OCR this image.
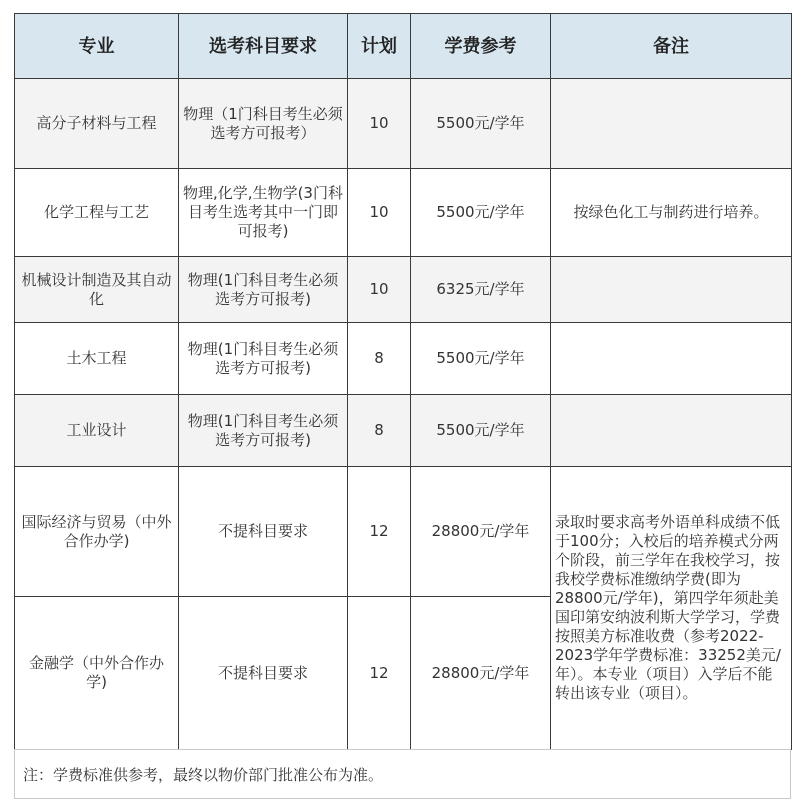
专业	选考科目要求	计划	学费参考	备注
高分子材料与工程	物理（1门科目考生必须选考方可报考）	10	5500元/学年	
化学工程与工艺	物理,化学,生物学(3门科目考生选考其中一门即可报考)	10	5500元/学年	按绿色化工与制药进行培养。
机械设计制造及其自动化	物理(1门科目考生必须选考方可报考)	10	6325元/学年	
土木工程	物理(1门科目考生必须选考方可报考)	8	5500元/学年	
工业设计	物理(1门科目考生必须选考方可报考)	8	5500元/学年	
国际经济与贸易（中外合作办学)	不提科目要求	12	28800元/学年	录取时要求高考外语单科成绩不低于100分；入校后的培养模式分两个阶段，前三学年在我校学习，按我校学费标准缴纳学费(即为28800元/学年)，第四学年须赴美国印第安纳波利斯大学学习，学费按照美方标准收费（参考2022-2023学年学费标准：33252美元/年）。本专业（项目）入学后不能转出该专业（项目）。
金融学（中外合作办学)	不提科目要求	12	28800元/学年	
注：学费标准供参考，最终以物价部门批准公布为准。
